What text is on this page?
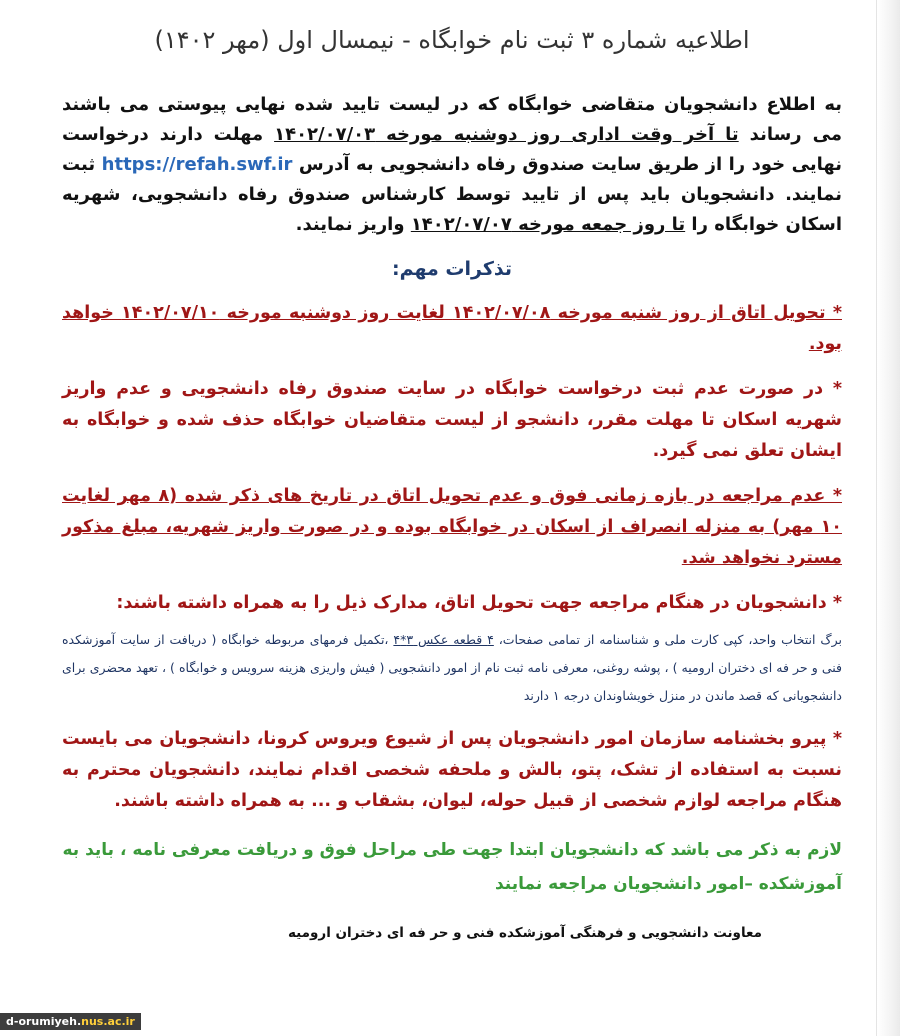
اطلاعیه شماره ۳ ثبت نام خوابگاه - نیمسال اول (مهر ۱۴۰۲)

به اطلاع دانشجویان متقاضی خوابگاه که در لیست تایید شده نهایی پیوستی می باشند می رساند تا آخر وقت اداری روز دوشنبه مورخه ۱۴۰۲/۰۷/۰۳ مهلت دارند درخواست نهایی خود را از طریق سایت صندوق رفاه دانشجویی به آدرس https://refah.swf.ir ثبت نمایند. دانشجویان باید پس از تایید توسط کارشناس صندوق رفاه دانشجویی، شهریه اسکان خوابگاه را تا روز جمعه مورخه ۱۴۰۲/۰۷/۰۷ واریز نمایند.

تذکرات مهم:

* تحویل اتاق از روز شنبه مورخه ۱۴۰۲/۰۷/۰۸ لغایت روز دوشنبه مورخه ۱۴۰۲/۰۷/۱۰ خواهد بود.

* در صورت عدم ثبت درخواست خوابگاه در سایت صندوق رفاه دانشجویی و عدم واریز شهریه اسکان تا مهلت مقرر، دانشجو از لیست متقاضیان خوابگاه حذف شده و خوابگاه به ایشان تعلق نمی گیرد.

* عدم مراجعه در بازه زمانی فوق و عدم تحویل اتاق در تاریخ های ذکر شده (۸ مهر لغایت ۱۰ مهر) به منزله انصراف از اسکان در خوابگاه بوده و در صورت واریز شهریه، مبلغ مذکور مسترد نخواهد شد.

* دانشجویان در هنگام مراجعه جهت تحویل اتاق، مدارک ذیل را به همراه داشته باشند:

برگ انتخاب واحد، کپی کارت ملی و شناسنامه از تمامی صفحات، ۴ قطعه عکس ۳*۴ ،تکمیل فرمهای مربوطه خوابگاه ( دریافت از سایت آموزشکده فنی و حر فه ای دختران ارومیه ) ، پوشه روغنی، معرفی نامه ثبت نام از امور دانشجویی ( فیش واریزی هزینه سرویس و خوابگاه ) ، تعهد محضری برای دانشجویانی که قصد ماندن در منزل خویشاوندان درجه ۱ دارند

* پیرو بخشنامه سازمان امور دانشجویان پس از شیوع ویروس کرونا، دانشجویان می بایست نسبت به استفاده از تشک، پتو، بالش و ملحفه شخصی اقدام نمایند، دانشجویان محترم به هنگام مراجعه لوازم شخصی از قبیل حوله، لیوان، بشقاب و ... به همراه داشته باشند.

لازم به ذکر می باشد که دانشجویان ابتدا جهت طی مراحل فوق و دریافت معرفی نامه ، باید به آموزشکده –امور دانشجویان مراجعه نمایند

معاونت دانشجویی و فرهنگی آموزشکده فنی و حر فه ای دختران ارومیه

d-orumiyeh.nus.ac.ir
